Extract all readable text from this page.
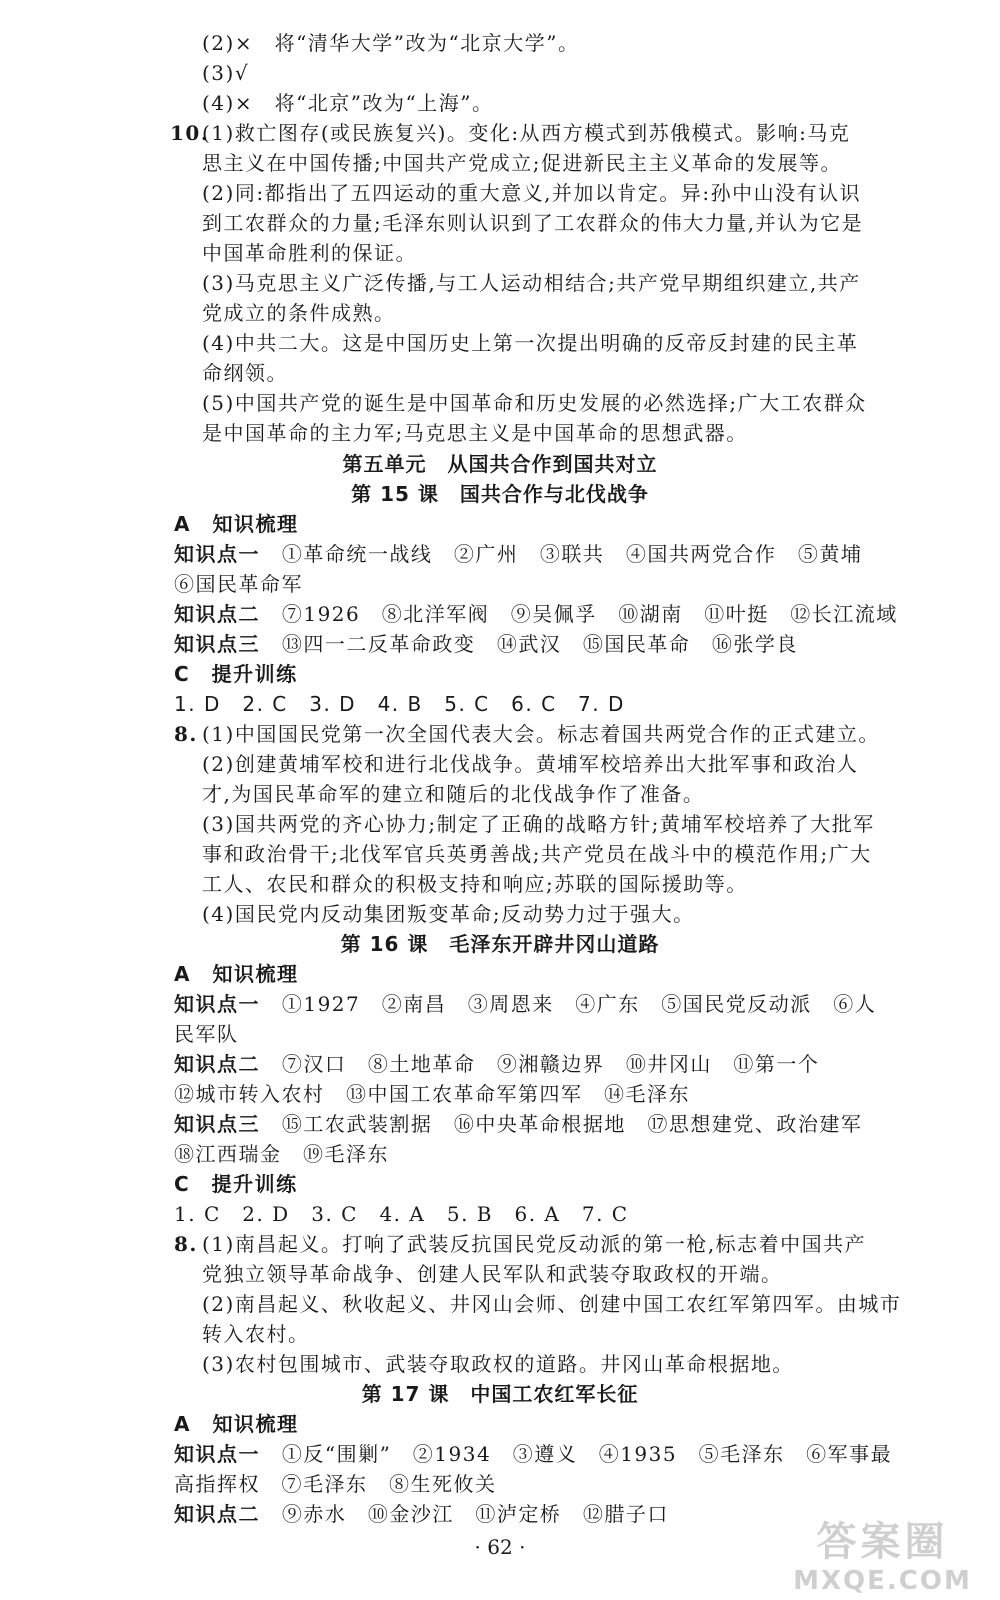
(2)×　将“清华大学”改为“北京大学”。
(3)√
(4)×　将“北京”改为“上海”。
10.
(1)救亡图存(或民族复兴)。变化:从西方模式到苏俄模式。影响:马克
思主义在中国传播;中国共产党成立;促进新民主主义革命的发展等。
(2)同:都指出了五四运动的重大意义,并加以肯定。异:孙中山没有认识
到工农群众的力量;毛泽东则认识到了工农群众的伟大力量,并认为它是
中国革命胜利的保证。
(3)马克思主义广泛传播,与工人运动相结合;共产党早期组织建立,共产
党成立的条件成熟。
(4)中共二大。这是中国历史上第一次提出明确的反帝反封建的民主革
命纲领。
(5)中国共产党的诞生是中国革命和历史发展的必然选择;广大工农群众
是中国革命的主力军;马克思主义是中国革命的思想武器。
第五单元　从国共合作到国共对立
第 15 课　国共合作与北伐战争
A　知识梳理
知识点一 ①革命统一战线　②广州　③联共　④国共两党合作　⑤黄埔
⑥国民革命军
知识点二 ⑦1926　⑧北洋军阀　⑨吴佩孚　⑩湖南　⑪叶挺　⑫长江流域
知识点三 ⑬四一二反革命政变　⑭武汉　⑮国民革命　⑯张学良
C　提升训练
1. D　2. C　3. D　4. B　5. C　6. C　7. D
8. (1)中国国民党第一次全国代表大会。标志着国共两党合作的正式建立。
(2)创建黄埔军校和进行北伐战争。黄埔军校培养出大批军事和政治人
才,为国民革命军的建立和随后的北伐战争作了准备。
(3)国共两党的齐心协力;制定了正确的战略方针;黄埔军校培养了大批军
事和政治骨干;北伐军官兵英勇善战;共产党员在战斗中的模范作用;广大
工人、农民和群众的积极支持和响应;苏联的国际援助等。
(4)国民党内反动集团叛变革命;反动势力过于强大。
第 16 课　毛泽东开辟井冈山道路
A　知识梳理
知识点一 ①1927　②南昌　③周恩来　④广东　⑤国民党反动派　⑥人
民军队
知识点二 ⑦汉口　⑧土地革命　⑨湘赣边界　⑩井冈山　⑪第一个
⑫城市转入农村　⑬中国工农革命军第四军　⑭毛泽东
知识点三 ⑮工农武装割据　⑯中央革命根据地　⑰思想建党、政治建军
⑱江西瑞金　⑲毛泽东
C　提升训练
1. C　2. D　3. C　4. A　5. B　6. A　7. C
8. (1)南昌起义。打响了武装反抗国民党反动派的第一枪,标志着中国共产
党独立领导革命战争、创建人民军队和武装夺取政权的开端。
(2)南昌起义、秋收起义、井冈山会师、创建中国工农红军第四军。由城市
转入农村。
(3)农村包围城市、武装夺取政权的道路。井冈山革命根据地。
第 17 课　中国工农红军长征
A　知识梳理
知识点一 ①反“围剿”　②1934　③遵义　④1935　⑤毛泽东　⑥军事最
高指挥权　⑦毛泽东　⑧生死攸关
知识点二 ⑨赤水　⑩金沙江　⑪泸定桥　⑫腊子口
· 62 ·	答案圈
MXQE.COM
